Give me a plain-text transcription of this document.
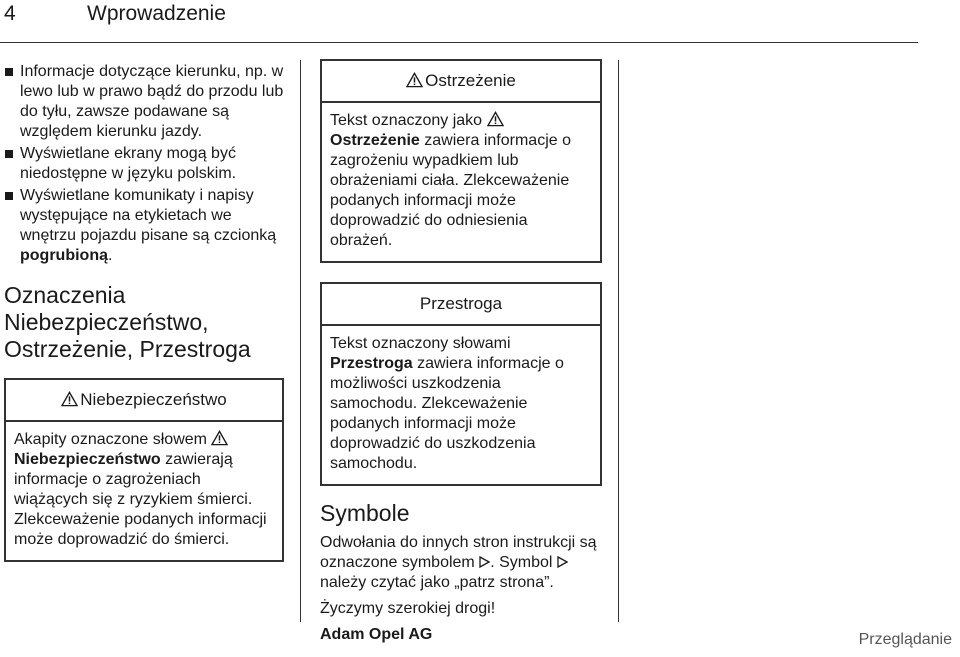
4	Wprowadzenie
Informacje dotyczące kierunku, np. w lewo lub w prawo bądź do przodu lub do tyłu, zawsze podawane są względem kierunku jazdy.
Wyświetlane ekrany mogą być niedostępne w języku polskim.
Wyświetlane komunikaty i napisy występujące na etykietach we wnętrzu pojazdu pisane są czcionką pogrubioną.
Oznaczenia Niebezpieczeństwo, Ostrzeżenie, Przestroga
Niebezpieczeństwo
Akapity oznaczone słowem
Niebezpieczeństwo zawierają informacje o zagrożeniach wiążących się z ryzykiem śmierci. Zlekceważenie podanych informacji może doprowadzić do śmierci.
Ostrzeżenie
Tekst oznaczony jako
Ostrzeżenie zawiera informacje o zagrożeniu wypadkiem lub obrażeniami ciała. Zlekceważenie podanych informacji może doprowadzić do odniesienia obrażeń.
Przestroga
Tekst oznaczony słowami Przestroga zawiera informacje o możliwości uszkodzenia samochodu. Zlekceważenie podanych informacji może doprowadzić do uszkodzenia samochodu.
Symbole

Odwołania do innych stron instrukcji są oznaczone symbolem
. Symbol
należy czytać jako „patrz strona”.

Życzymy szerokiej drogi!

Adam Opel AG	Przeglądanie
